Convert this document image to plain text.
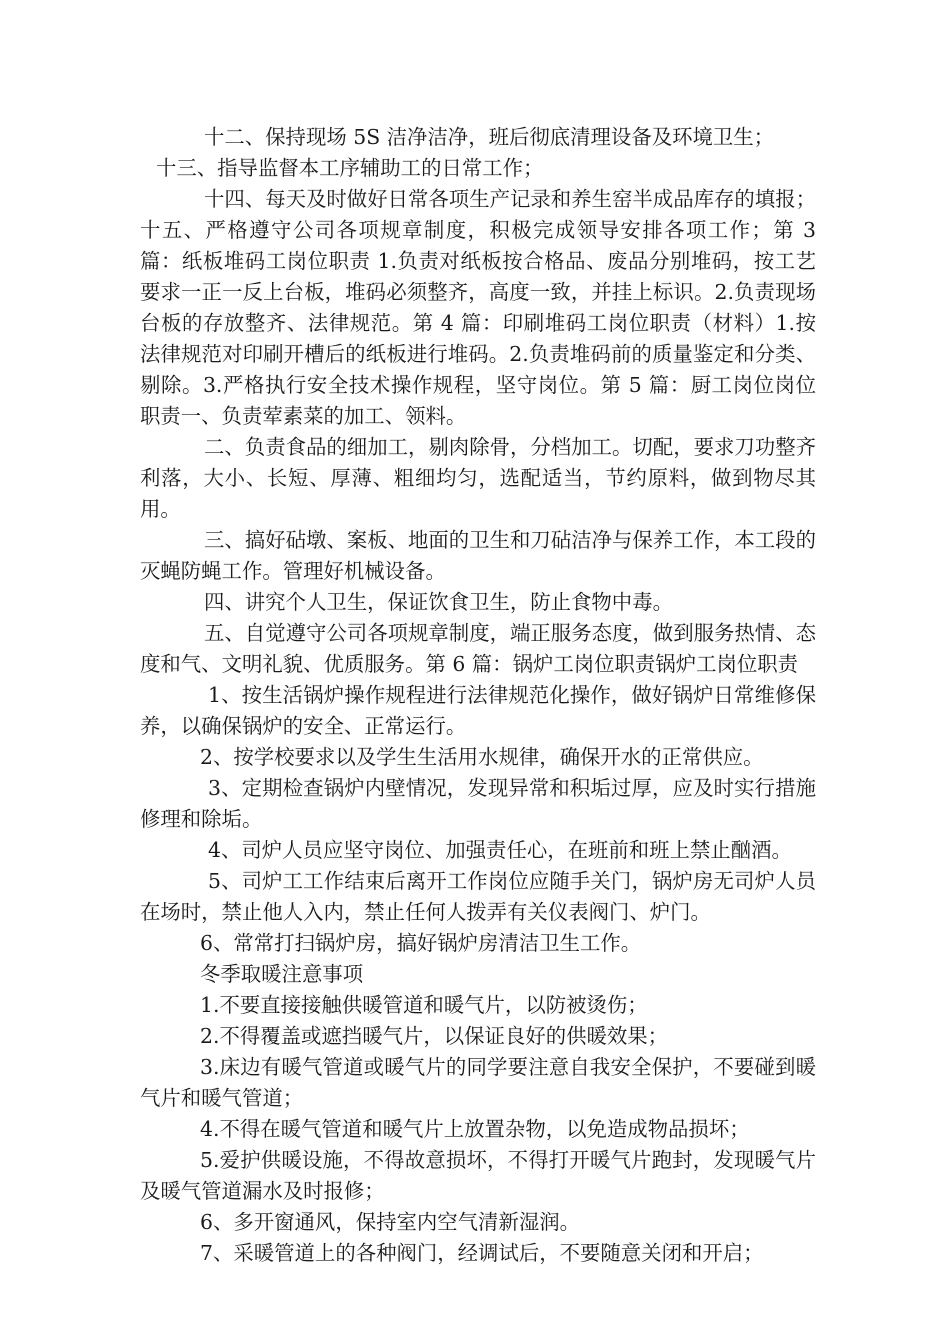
十二、保持现场 5S 洁净洁净，班后彻底清理设备及环境卫生；

十三、指导监督本工序辅助工的日常工作；

十四、每天及时做好日常各项生产记录和养生窑半成品库存的填报； 十五、严格遵守公司各项规章制度，积极完成领导安排各项工作；第 3 篇：纸板堆码工岗位职责 1.负责对纸板按合格品、废品分别堆码，按工艺要求一正一反上台板，堆码必须整齐，高度一致，并挂上标识。2.负责现场台板的存放整齐、法律规范。第 4 篇：印刷堆码工岗位职责（材料）1.按法律规范对印刷开槽后的纸板进行堆码。2.负责堆码前的质量鉴定和分类、剔除。3.严格执行安全技术操作规程，坚守岗位。第 5 篇：厨工岗位岗位职责一、负责荤素菜的加工、领料。

二、负责食品的细加工，剔肉除骨，分档加工。切配，要求刀功整齐利落，大小、长短、厚薄、粗细均匀，选配适当，节约原料，做到物尽其用。

三、搞好砧墩、案板、地面的卫生和刀砧洁净与保养工作，本工段的灭蝇防蝇工作。管理好机械设备。

四、讲究个人卫生，保证饮食卫生，防止食物中毒。

五、自觉遵守公司各项规章制度，端正服务态度，做到服务热情、态度和气、文明礼貌、优质服务。第 6 篇：锅炉工岗位职责锅炉工岗位职责

1、按生活锅炉操作规程进行法律规范化操作，做好锅炉日常维修保养，以确保锅炉的安全、正常运行。

2、按学校要求以及学生生活用水规律，确保开水的正常供应。

3、定期检查锅炉内壁情况，发现异常和积垢过厚，应及时实行措施修理和除垢。

4、司炉人员应坚守岗位、加强责任心，在班前和班上禁止酗酒。

5、司炉工工作结束后离开工作岗位应随手关门，锅炉房无司炉人员在场时，禁止他人入内，禁止任何人拨弄有关仪表阀门、炉门。

6、常常打扫锅炉房，搞好锅炉房清洁卫生工作。

冬季取暖注意事项

1.不要直接接触供暖管道和暖气片，以防被烫伤；

2.不得覆盖或遮挡暖气片，以保证良好的供暖效果；

3.床边有暖气管道或暖气片的同学要注意自我安全保护，不要碰到暖气片和暖气管道；

4.不得在暖气管道和暖气片上放置杂物，以免造成物品损坏；

5.爱护供暖设施，不得故意损坏，不得打开暖气片跑封，发现暖气片及暖气管道漏水及时报修；

6、多开窗通风，保持室内空气清新湿润。

7、采暖管道上的各种阀门，经调试后，不要随意关闭和开启；
